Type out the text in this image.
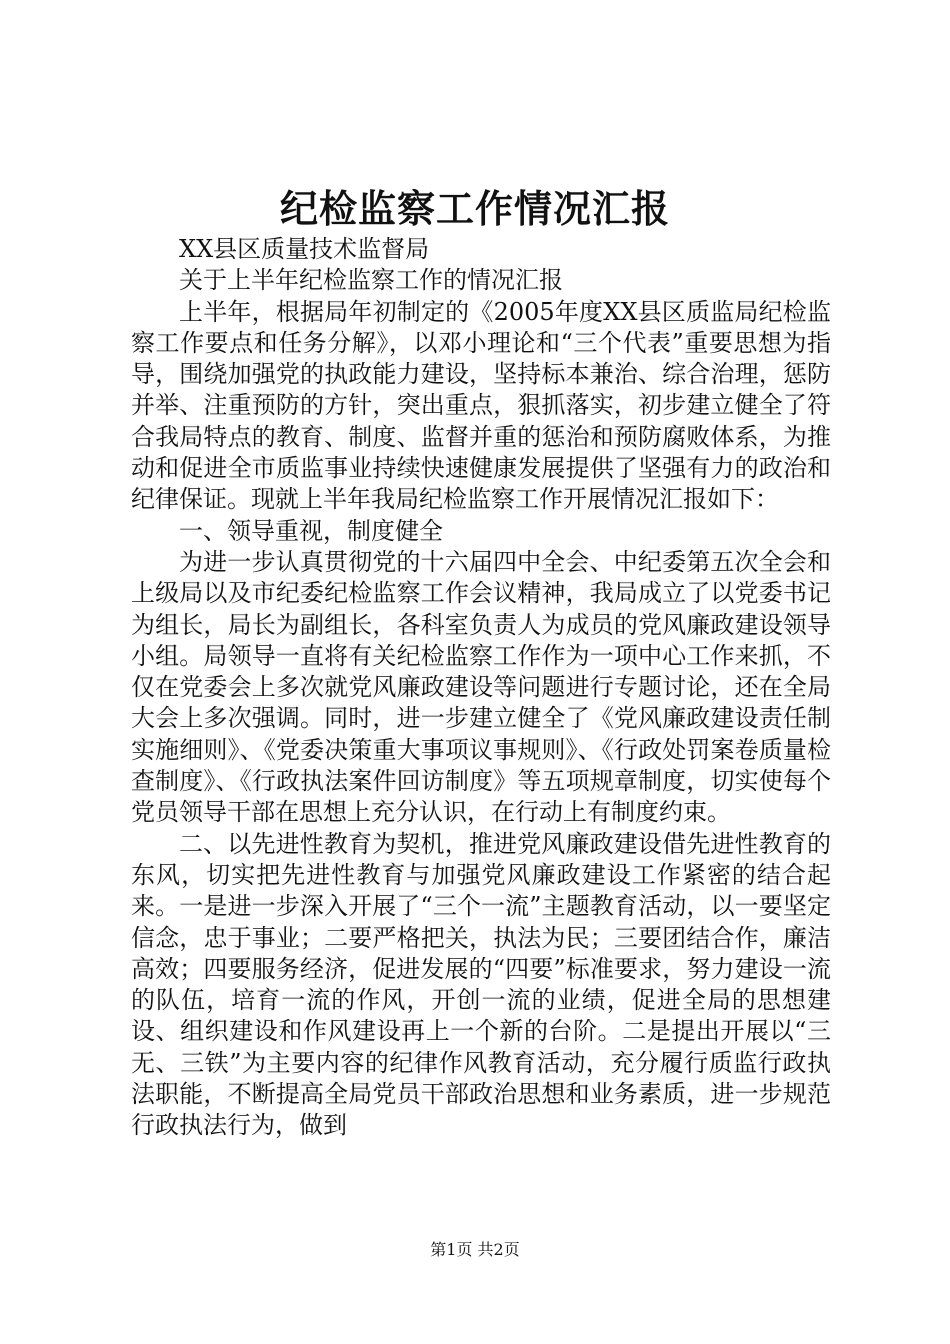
纪检监察工作情况汇报

XX县区质量技术监督局

关于上半年纪检监察工作的情况汇报

上半年，根据局年初制定的《2005年度XX县区质监局纪检监察工作要点和任务分解》，以邓小理论和“三个代表”重要思想为指导，围绕加强党的执政能力建设，坚持标本兼治、综合治理，惩防并举、注重预防的方针，突出重点，狠抓落实，初步建立健全了符合我局特点的教育、制度、监督并重的惩治和预防腐败体系，为推动和促进全市质监事业持续快速健康发展提供了坚强有力的政治和纪律保证。现就上半年我局纪检监察工作开展情况汇报如下：

一、领导重视，制度健全

为进一步认真贯彻党的十六届四中全会、中纪委第五次全会和上级局以及市纪委纪检监察工作会议精神，我局成立了以党委书记为组长，局长为副组长，各科室负责人为成员的党风廉政建设领导小组。局领导一直将有关纪检监察工作作为一项中心工作来抓，不仅在党委会上多次就党风廉政建设等问题进行专题讨论，还在全局大会上多次强调。同时，进一步建立健全了《党风廉政建设责任制实施细则》、《党委决策重大事项议事规则》、《行政处罚案卷质量检查制度》、《行政执法案件回访制度》等五项规章制度，切实使每个党员领导干部在思想上充分认识，在行动上有制度约束。

二、以先进性教育为契机，推进党风廉政建设借先进性教育的东风，切实把先进性教育与加强党风廉政建设工作紧密的结合起来。一是进一步深入开展了“三个一流”主题教育活动，以一要坚定信念，忠于事业；二要严格把关，执法为民；三要团结合作，廉洁高效；四要服务经济，促进发展的“四要”标准要求，努力建设一流的队伍，培育一流的作风，开创一流的业绩，促进全局的思想建设、组织建设和作风建设再上一个新的台阶。二是提出开展以“三无、三铁”为主要内容的纪律作风教育活动，充分履行质监行政执法职能，不断提高全局党员干部政治思想和业务素质，进一步规范行政执法行为，做到

第1页 共2页
